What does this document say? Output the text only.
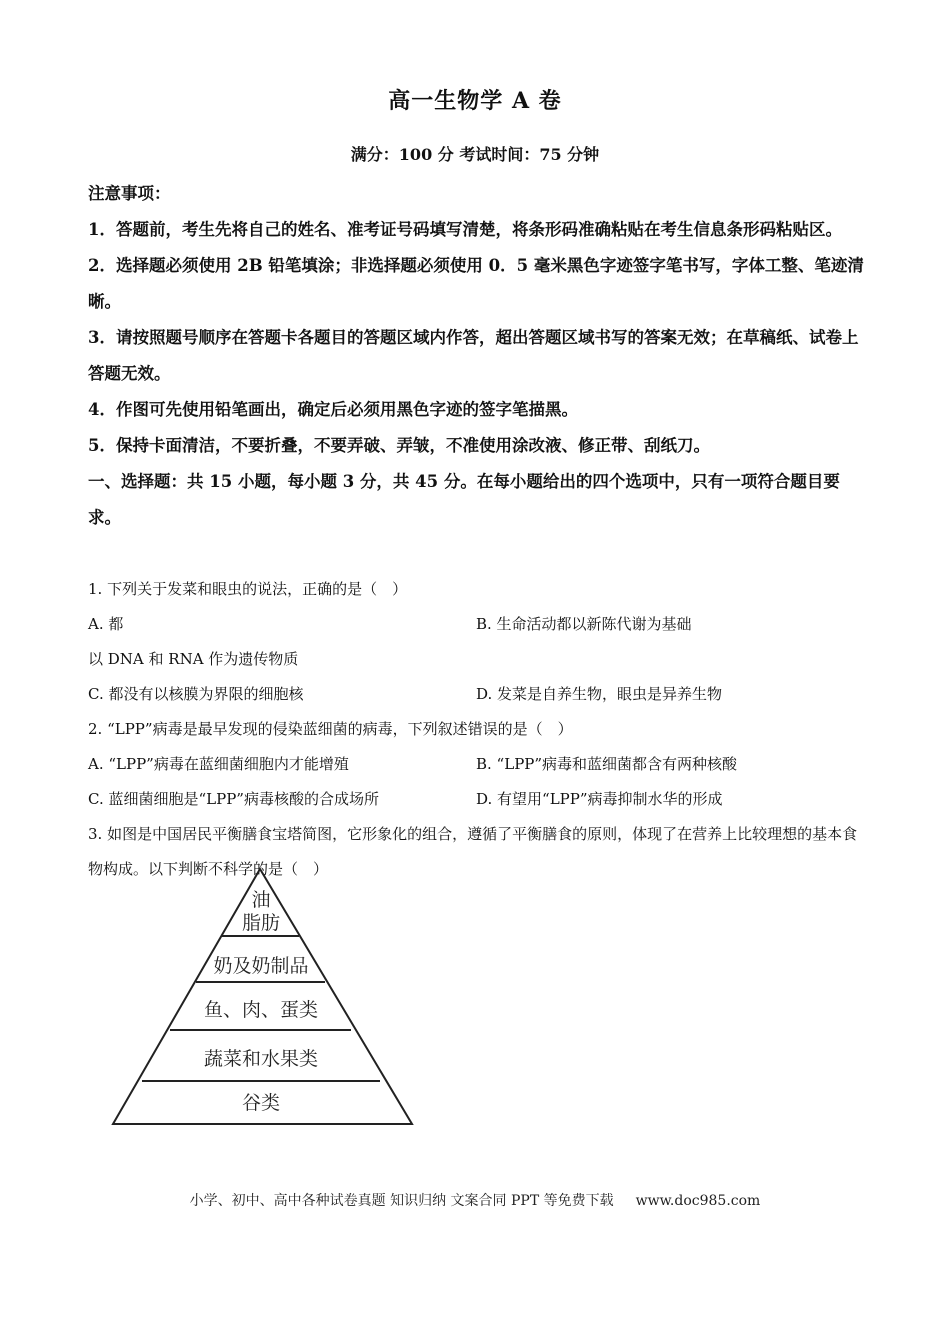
高一生物学 A 卷
满分：100 分 考试时间：75 分钟

注意事项：

1．答题前，考生先将自己的姓名、准考证号码填写清楚，将条形码准确粘贴在考生信息条形码粘贴区。

2．选择题必须使用 2B 铅笔填涂；非选择题必须使用 0．5 毫米黑色字迹签字笔书写，字体工整、笔迹清晰。

3．请按照题号顺序在答题卡各题目的答题区域内作答，超出答题区域书写的答案无效；在草稿纸、试卷上答题无效。

4．作图可先使用铅笔画出，确定后必须用黑色字迹的签字笔描黑。

5．保持卡面清洁，不要折叠，不要弄破、弄皱，不准使用涂改液、修正带、刮纸刀。

一、选择题：共 15 小题，每小题 3 分，共 45 分。在每小题给出的四个选项中，只有一项符合题目要求。

1. 下列关于发菜和眼虫的说法，正确的是（　）

A. 都
以 DNA 和 RNA 作为遗传物质
B. 生命活动都以新陈代谢为基础
C. 都没有以核膜为界限的细胞核	D. 发菜是自养生物，眼虫是异养生物

2. “LPP”病毒是最早发现的侵染蓝细菌的病毒，下列叙述错误的是（　）

A. “LPP”病毒在蓝细菌细胞内才能增殖	B. “LPP”病毒和蓝细菌都含有两种核酸
C. 蓝细菌细胞是“LPP”病毒核酸的合成场所	D. 有望用“LPP”病毒抑制水华的形成

3. 如图是中国居民平衡膳食宝塔简图，它形象化的组合，遵循了平衡膳食的原则，体现了在营养上比较理想的基本食物构成。以下判断不科学的是（　）

油
脂肪
奶及奶制品
鱼、肉、蛋类
蔬菜和水果类
谷类
小学、初中、高中各种试卷真题 知识归纳 文案合同 PPT 等免费下载 www.doc985.com
